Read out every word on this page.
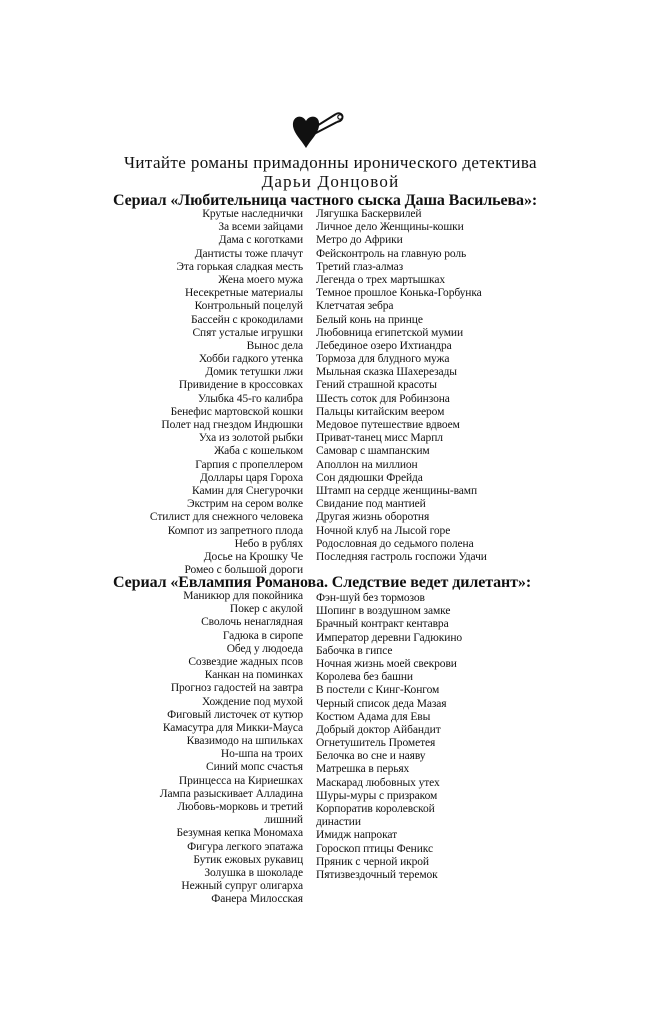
Читайте романы примадонны иронического детектива
Дарьи Донцовой
Сериал «Любительница частного сыска Даша Васильева»:
Крутые наследнички
За всеми зайцами
Дама с коготками
Дантисты тоже плачут
Эта горькая сладкая месть
Жена моего мужа
Несекретные материалы
Контрольный поцелуй
Бассейн с крокодилами
Спят усталые игрушки
Вынос дела
Хобби гадкого утенка
Домик тетушки лжи
Привидение в кроссовках
Улыбка 45-го калибра
Бенефис мартовской кошки
Полет над гнездом Индюшки
Уха из золотой рыбки
Жаба с кошельком
Гарпия с пропеллером
Доллары царя Гороха
Камин для Снегурочки
Экстрим на сером волке
Стилист для снежного человека
Компот из запретного плода
Небо в рублях
Досье на Крошку Че
Ромео с большой дороги
Лягушка Баскервилей
Личное дело Женщины-кошки
Метро до Африки
Фейсконтроль на главную роль
Третий глаз-алмаз
Легенда о трех мартышках
Темное прошлое Конька-Горбунка
Клетчатая зебра
Белый конь на принце
Любовница египетской мумии
Лебединое озеро Ихтиандра
Тормоза для блудного мужа
Мыльная сказка Шахерезады
Гений страшной красоты
Шесть соток для Робинзона
Пальцы китайским веером
Медовое путешествие вдвоем
Приват-танец мисс Марпл
Самовар с шампанским
Аполлон на миллион
Сон дядюшки Фрейда
Штамп на сердце женщины-вамп
Свидание под мантией
Другая жизнь оборотня
Ночной клуб на Лысой горе
Родословная до седьмого полена
Последняя гастроль госпожи Удачи
Сериал «Евлампия Романова. Следствие ведет дилетант»:
Маникюр для покойника
Покер с акулой
Сволочь ненаглядная
Гадюка в сиропе
Обед у людоеда
Созвездие жадных псов
Канкан на поминках
Прогноз гадостей на завтра
Хождение под мухой
Фиговый листочек от кутюр
Камасутра для Микки-Мауса
Квазимодо на шпильках
Но-шпа на троих
Синий мопс счастья
Принцесса на Кириешках
Лампа разыскивает Алладина
Любовь-морковь и третий
лишний
Безумная кепка Мономаха
Фигура легкого эпатажа
Бутик ежовых рукавиц
Золушка в шоколаде
Нежный супруг олигарха
Фанера Милосская
Фэн-шуй без тормозов
Шопинг в воздушном замке
Брачный контракт кентавра
Император деревни Гадюкино
Бабочка в гипсе
Ночная жизнь моей свекрови
Королева без башни
В постели с Кинг-Конгом
Черный список деда Мазая
Костюм Адама для Евы
Добрый доктор Айбандит
Огнетушитель Прометея
Белочка во сне и наяву
Матрешка в перьях
Маскарад любовных утех
Шуры-муры с призраком
Корпоратив королевской
династии
Имидж напрокат
Гороскоп птицы Феникс
Пряник с черной икрой
Пятизвездочный теремок
